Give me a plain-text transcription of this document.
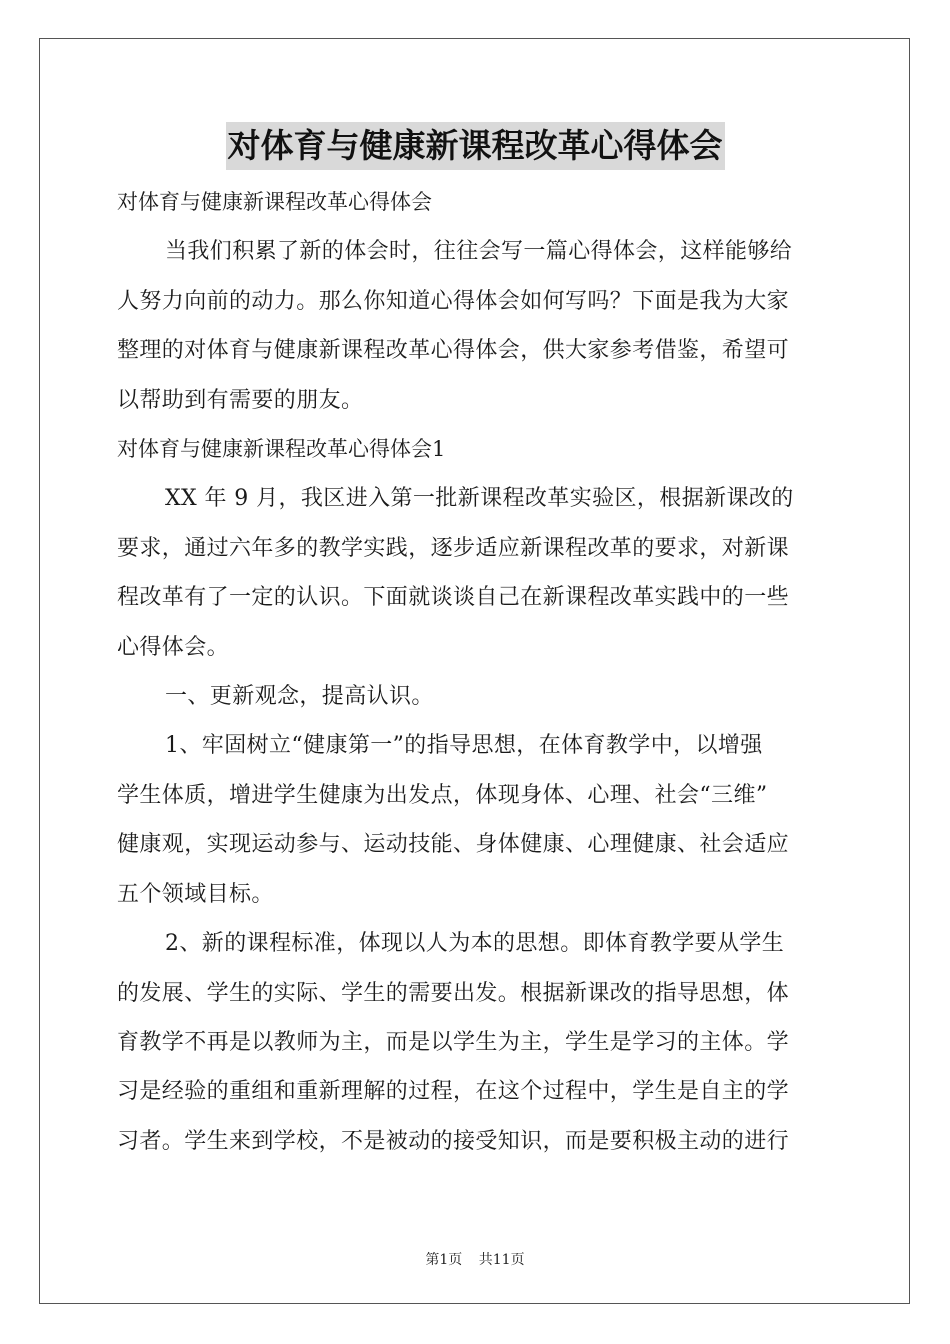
对体育与健康新课程改革心得体会
对体育与健康新课程改革心得体会
当我们积累了新的体会时，往往会写一篇心得体会，这样能够给
人努力向前的动力。那么你知道心得体会如何写吗？下面是我为大家
整理的对体育与健康新课程改革心得体会，供大家参考借鉴，希望可
以帮助到有需要的朋友。
对体育与健康新课程改革心得体会1
XX 年 9 月，我区进入第一批新课程改革实验区，根据新课改的
要求，通过六年多的教学实践，逐步适应新课程改革的要求，对新课
程改革有了一定的认识。下面就谈谈自己在新课程改革实践中的一些
心得体会。
一、更新观念，提高认识。
1、牢固树立“健康第一”的指导思想，在体育教学中，以增强
学生体质，增进学生健康为出发点，体现身体、心理、社会“三维”
健康观，实现运动参与、运动技能、身体健康、心理健康、社会适应
五个领域目标。
2、新的课程标准，体现以人为本的思想。即体育教学要从学生
的发展、学生的实际、学生的需要出发。根据新课改的指导思想，体
育教学不再是以教师为主，而是以学生为主，学生是学习的主体。学
习是经验的重组和重新理解的过程，在这个过程中，学生是自主的学
习者。学生来到学校，不是被动的接受知识，而是要积极主动的进行
第1页 共11页
